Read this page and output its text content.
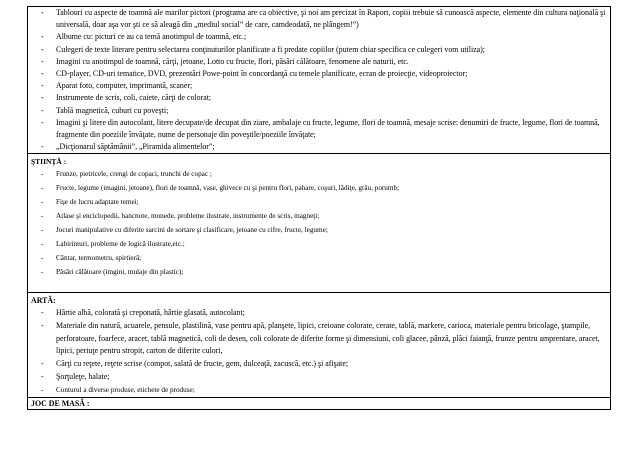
- Tablouri cu aspecte de toamnă ale marilor pictori (programa are ca obiective, şi noi am precizat în Raport, copiii trebuie să cunoască aspecte, elemente din cultura naţională şi universală, doar aşa vor şti ce să aleagă din „mediul social” de care, camdeodată, ne plângem!”)
- Albume cu: picturi ce au ca temă anotimpul de toamnă, etc.;
- Culegeri de texte literare pentru selectarea conţinuturilor planificate a fi predate copiilor (putem chiar specifica ce culegeri vom utiliza);
- Imagini cu anotimpul de toamnă, cărţi, jetoane, Lotto cu fructe, flori, păsări călătoare, fenomene ale naturii, etc.
- CD-player, CD-uri tematice, DVD, prezentări Powe-point în concordanţă cu temele planificate, ecran de proiecţie, videoproiector;
- Aparat foto, computer, imprimantă, scaner;
- Instrumente de scris, coli, caiete, cărţi de colorat;
- Tablă magnetică, cuburi cu poveşti;
- Imagini şi litere din autocolant, litere decupate/de decupat din ziare, ambalaje cu fructe, legume, flori de toamnă, mesaje scrise: denumiri de fructe, legume, flori de toamnă, fragmente din poeziile învăţate, nume de personaje din poveştile/poeziile învăţate;
- „Dicţionarul săptămânii”, „Piramida alimentelor”;

ŞTIINŢĂ :
- Frunze, pietricele, crengi de copaci, trunchi de copac ;
- Fructe, legume (imagini, jetoane), flori de toamnă, vase, ghivece cu şi pentru flori, pahare, coşuri, lădiţe, grâu, porumb;
- Fişe de lucru adaptate temei;
- Atlase şi enciclopedii, bancnote, monede, probleme ilustrate, instrumente de scris, magneţi;
- Jocuri manipulative cu diferite sarcini de sortare şi clasificare, jetoane cu cifre, fructe, legume;
- Labirinturi, probleme de logică ilustrate,etc.;
- Cântar, termometru, spirtieră;
- Păsări călătoare (imgini, mulaje din plastic);

ARTĂ:
- Hârtie albă, colorată şi creponată, hârtie glasată, autocolant;
- Materiale din natură, acuarele, pensule, plastilină, vase pentru apă, planşete, lipici, creioane colorate, cerate, tablă, markere, carioca, materiale pentru bricolage, ştampile, perforatoare, foarfece, aracet, tablă magnetică, coli de desen, coli colorate de diferite forme şi dimensiuni, coli glacee, pânză, plăci faianţă, frunze pentru amprentare, aracet, lipici, periuţe pentru stropit, carton de diferite culori,
- Cărţi cu reţete, reţete scrise (compot, salată de fructe, gem, dulceaţă, zacuscă, etc.) şi afişate;
- Şorţuleţe, halate;
- Conturul a diverse produse, etichete de produse;

JOC DE MASĂ :
